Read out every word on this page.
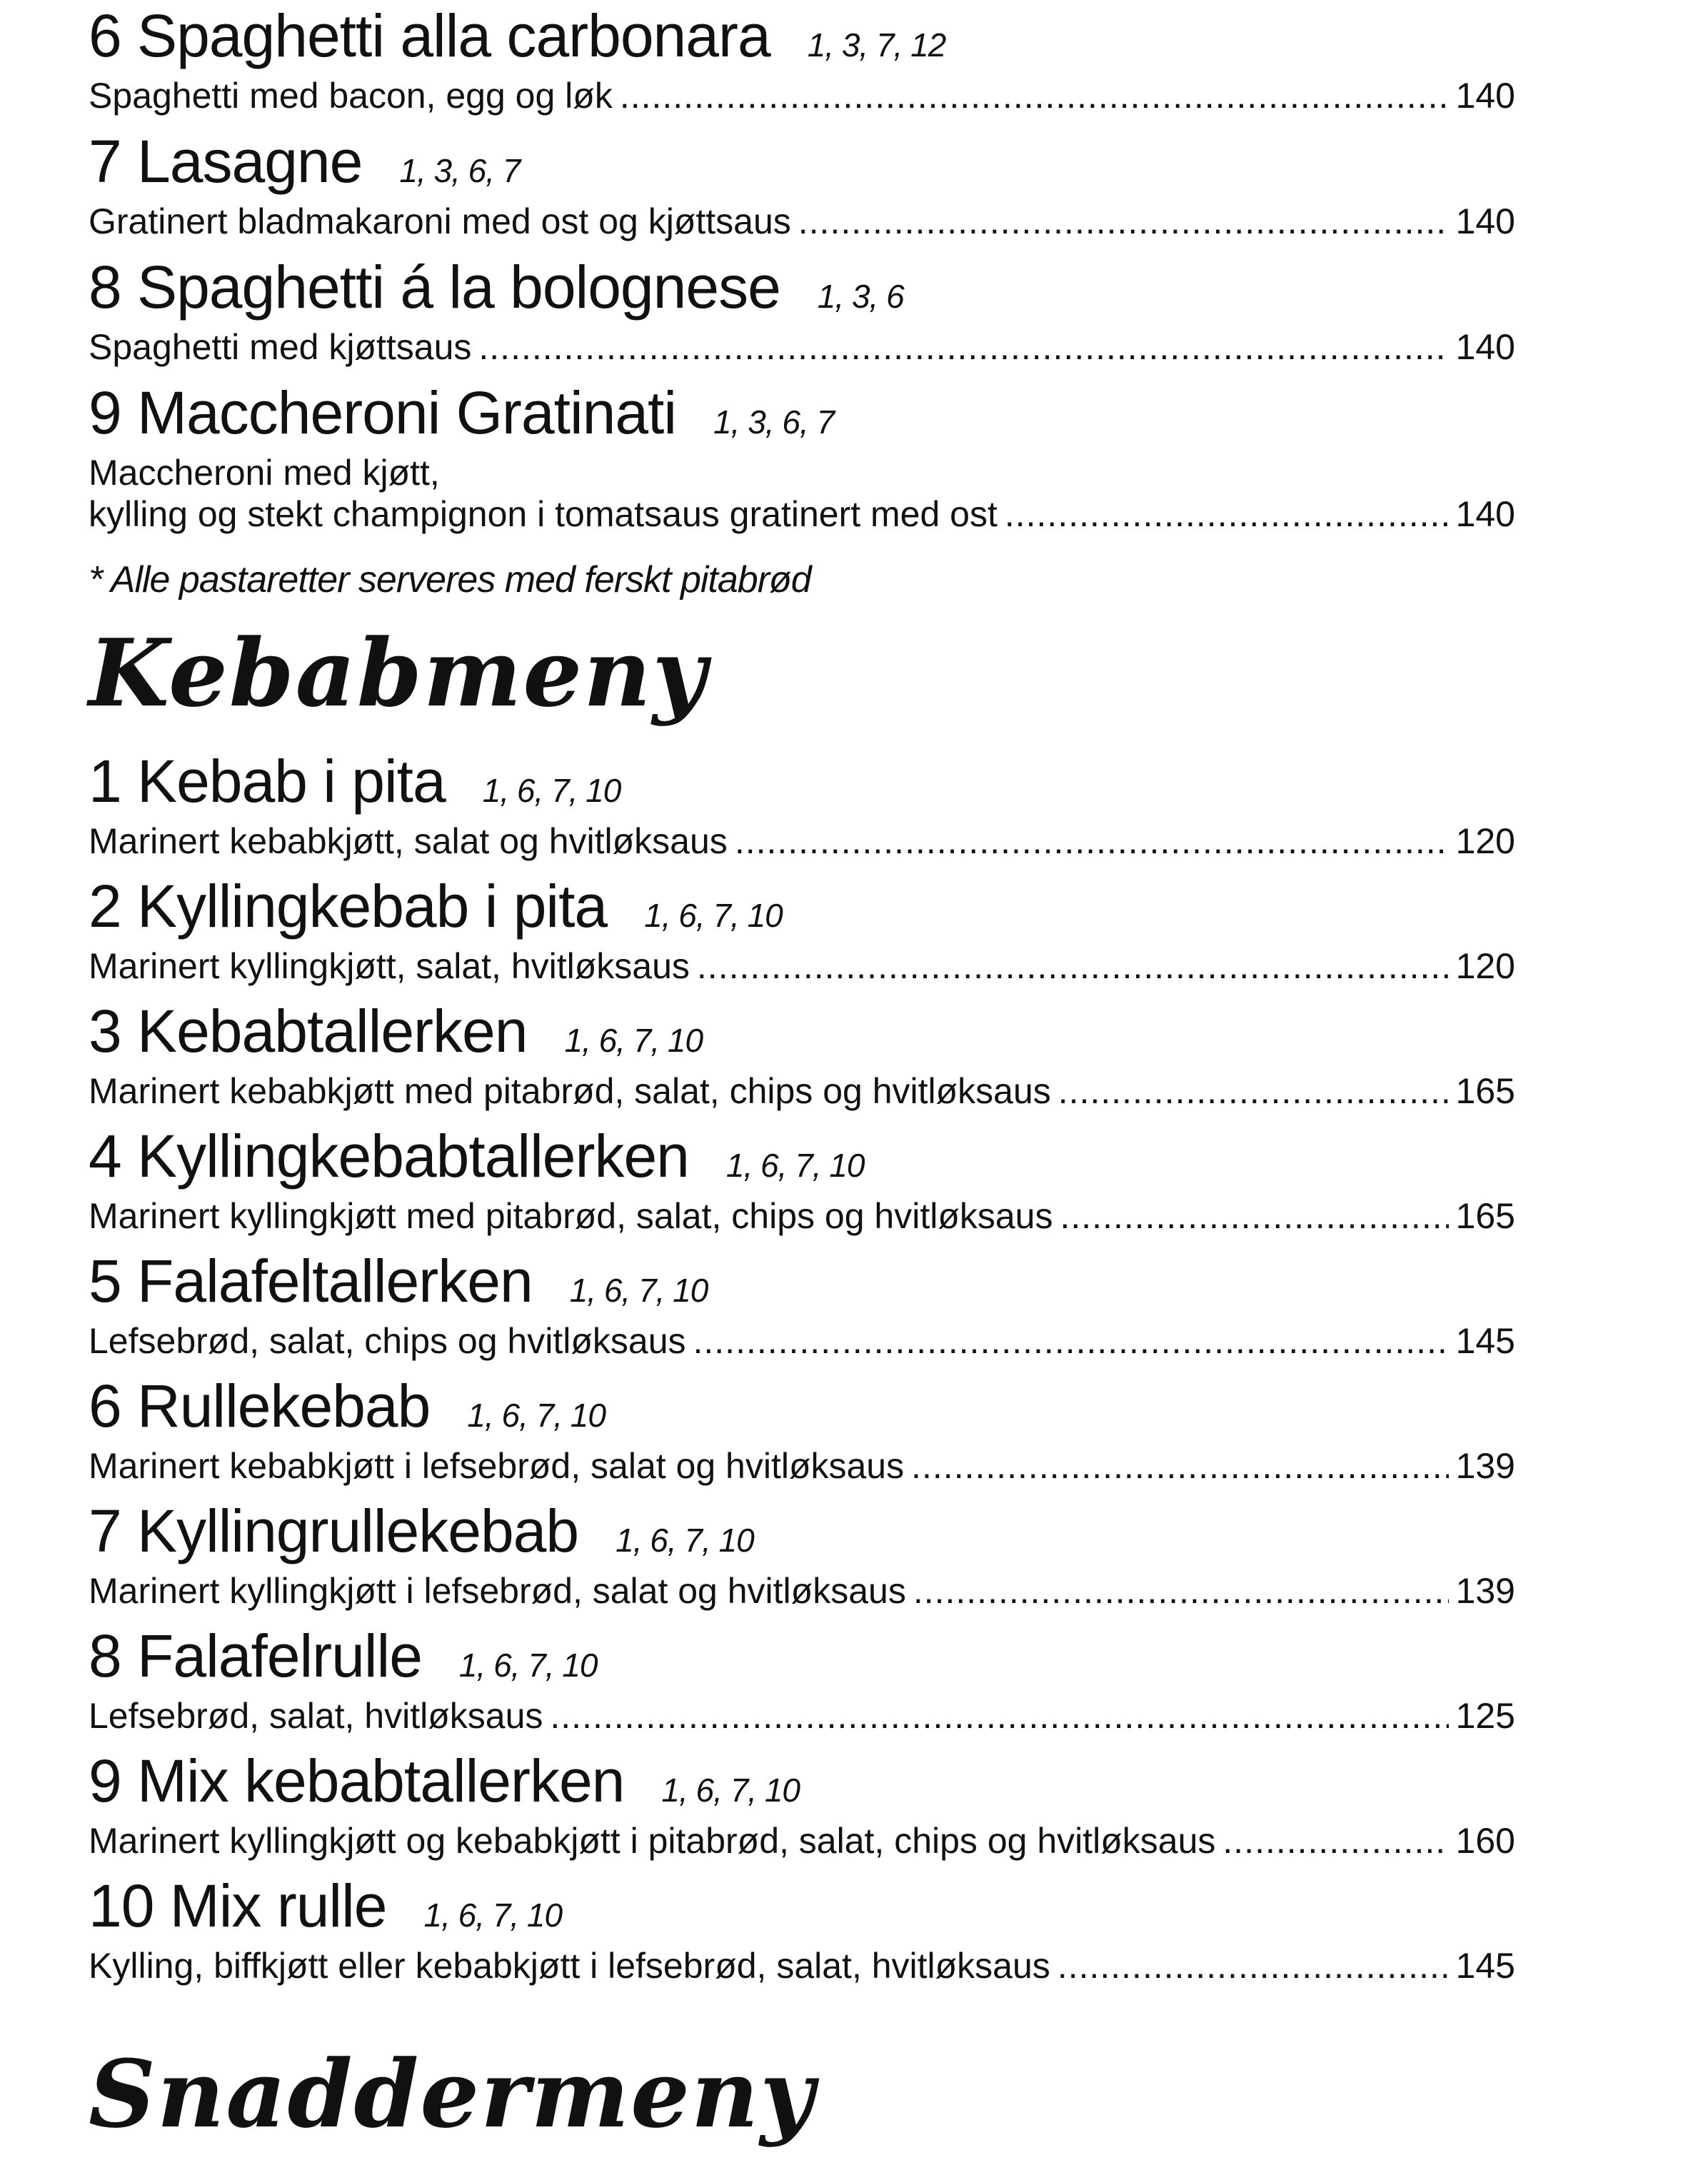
6 Spaghetti alla carbonara 1, 3, 7, 12
Spaghetti med bacon, egg og løk .....	140
7 Lasagne 1, 3, 6, 7
Gratinert bladmakaroni med ost og kjøttsaus .....	140
8 Spaghetti á la bolognese 1, 3, 6
Spaghetti med kjøttsaus .....	140
9 Maccheroni Gratinati 1, 3, 6, 7
Maccheroni med kjøtt,
kylling og stekt champignon i tomatsaus gratinert med ost .....	140
* Alle pastaretter serveres med ferskt pitabrød
Kebabmeny
1 Kebab i pita 1, 6, 7, 10
Marinert kebabkjøtt, salat og hvitløksaus .....	120
2 Kyllingkebab i pita 1, 6, 7, 10
Marinert kyllingkjøtt, salat, hvitløksaus .....	120
3 Kebabtallerken 1, 6, 7, 10
Marinert kebabkjøtt med pitabrød, salat, chips og hvitløksaus .....	165
4 Kyllingkebabtallerken 1, 6, 7, 10
Marinert kyllingkjøtt med pitabrød, salat, chips og hvitløksaus .....	165
5 Falafeltallerken 1, 6, 7, 10
Lefsebrød, salat, chips og hvitløksaus .....	145
6 Rullekebab 1, 6, 7, 10
Marinert kebabkjøtt i lefsebrød, salat og hvitløksaus .....	139
7 Kyllingrullekebab 1, 6, 7, 10
Marinert kyllingkjøtt i lefsebrød, salat og hvitløksaus .....	139
8 Falafelrulle 1, 6, 7, 10
Lefsebrød, salat, hvitløksaus .....	125
9 Mix kebabtallerken 1, 6, 7, 10
Marinert kyllingkjøtt og kebabkjøtt i pitabrød, salat, chips og hvitløksaus .....	160
10 Mix rulle 1, 6, 7, 10
Kylling, biffkjøtt eller kebabkjøtt i lefsebrød, salat, hvitløksaus .....	145
Snaddermeny
